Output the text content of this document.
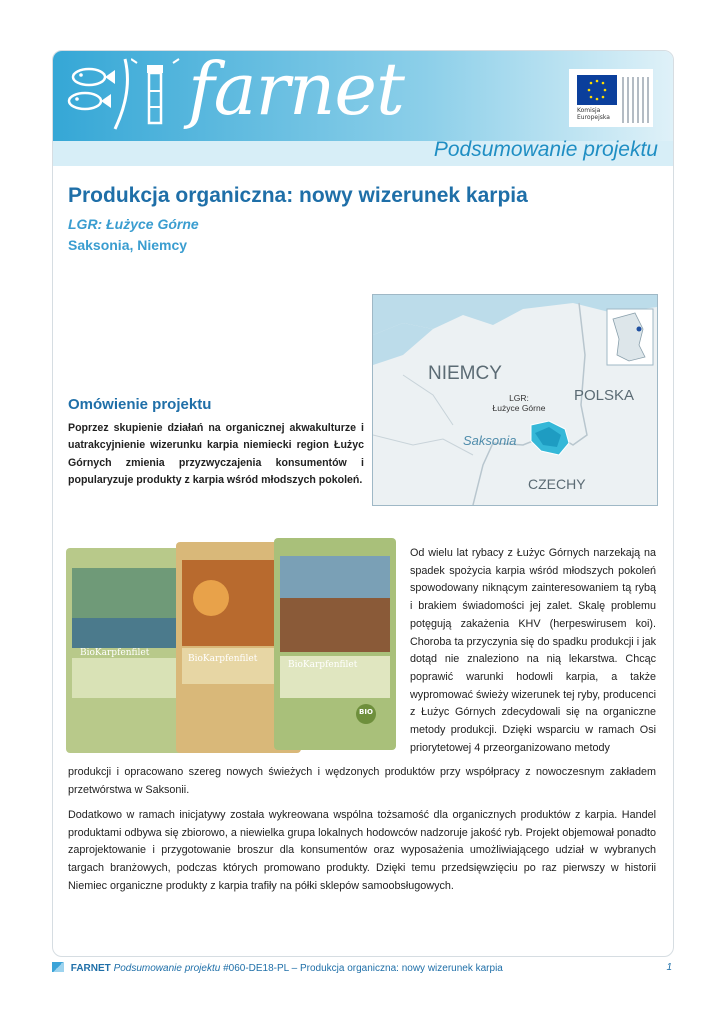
farnet	Komisja
Europejska
Podsumowanie projektu
Produkcja organiczna: nowy wizerunek karpia
LGR: Łużyce Górne
Saksonia, Niemcy
NIEMCY
POLSKA
LGR:
Łużyce Górne
Saksonia
CZECHY
Omówienie projektu
Poprzez skupienie działań na organicznej akwakulturze i uatrakcyjnienie wizerunku karpia niemiecki region Łużyc Górnych zmienia przyzwyczajenia konsumentów i popularyzuje produkty z karpia wśród młodszych pokoleń.
BioKarpfenfilet
BioKarpfenfilet
BioKarpfenfilet
BIO
Od wielu lat rybacy z Łużyc Górnych narzekają na spadek spożycia karpia wśród młodszych pokoleń spowodowany niknącym zainteresowaniem tą rybą i brakiem świadomości jej zalet. Skalę problemu potęgują zakażenia KHV (herpeswirusem koi). Choroba ta przyczynia się do spadku produkcji i jak dotąd nie znaleziono na nią lekarstwa. Chcąc poprawić warunki hodowli karpia, a także wypromować świeży wizerunek tej ryby, producenci z Łużyc Górnych zdecydowali się na organiczne metody produkcji. Dzięki wsparciu w ramach Osi priorytetowej 4 przeorganizowano metody
produkcji i opracowano szereg nowych świeżych i wędzonych produktów przy współpracy z nowoczesnym zakładem przetwórstwa w Saksonii.
Dodatkowo w ramach inicjatywy została wykreowana wspólna tożsamość dla organicznych produktów z karpia. Handel produktami odbywa się zbiorowo, a niewielka grupa lokalnych hodowców nadzoruje jakość ryb. Projekt objemował ponadto zaprojektowanie i przygotowanie broszur dla konsumentów oraz wyposażenia umożliwiającego udział w wybranych targach branżowych, podczas których promowano produkty. Dzięki temu przedsięwzięciu po raz pierwszy w historii Niemiec organiczne produkty z karpia trafiły na półki sklepów samoobsługowych.
FARNET Podsumowanie projektu #060-DE18-PL – Produkcja organiczna: nowy wizerunek karpia	1
